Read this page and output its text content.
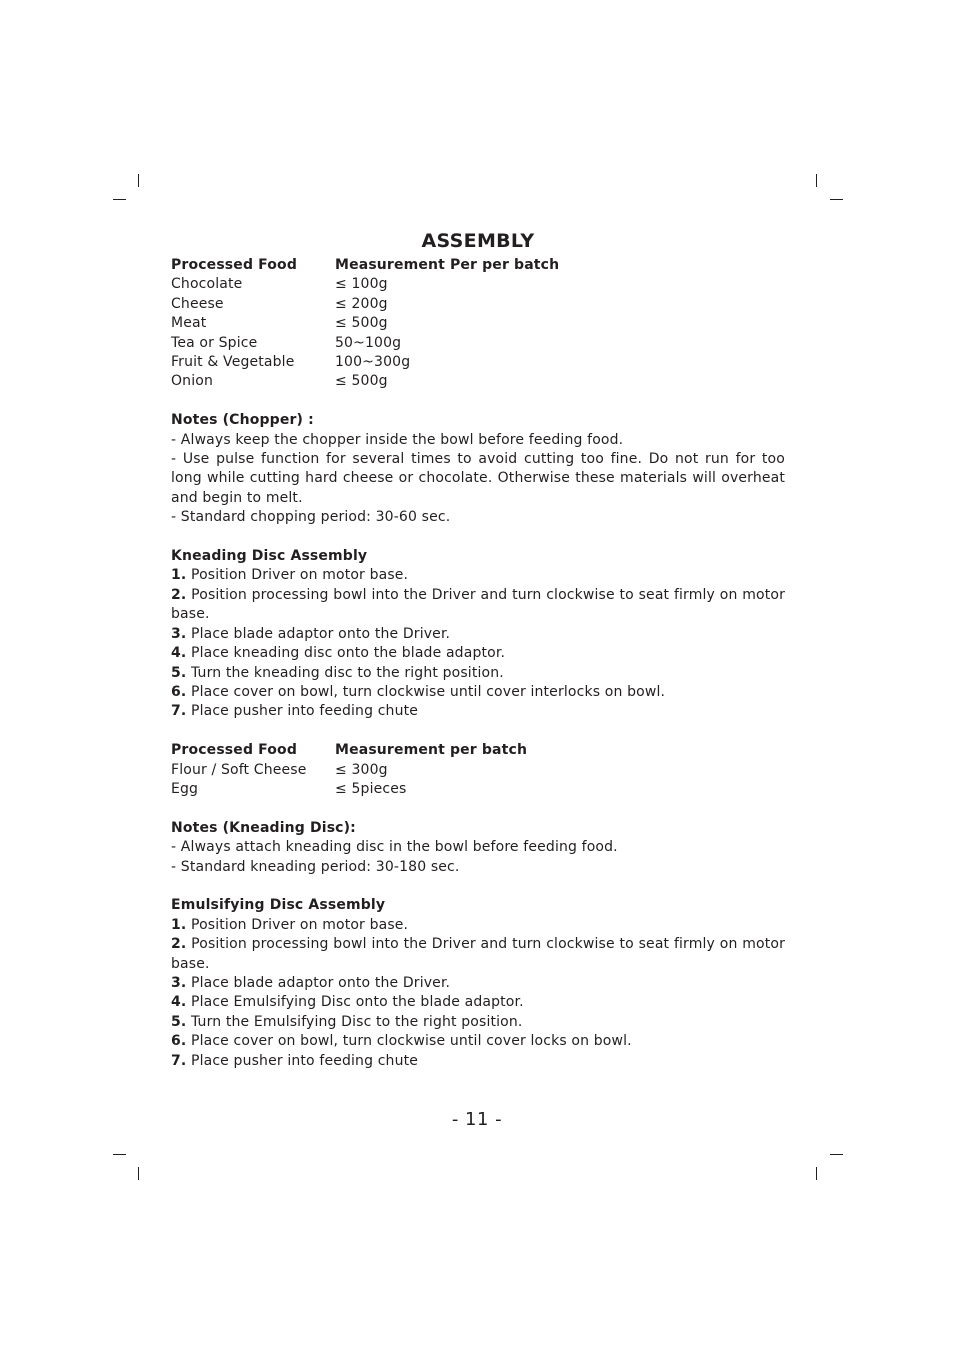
ASSEMBLY
Processed Food	Measurement Per per batch
Chocolate	≤ 100g
Cheese	≤ 200g
Meat	≤ 500g
Tea or Spice	50~100g
Fruit & Vegetable	100~300g
Onion	≤ 500g
Notes (Chopper) :
- Always keep the chopper inside the bowl before feeding food.
- Use pulse function for several times to avoid cutting too fine. Do not run for too long while cutting hard cheese or chocolate. Otherwise these materials will overheat and begin to melt.
- Standard chopping period: 30-60 sec.
Kneading Disc Assembly
1. Position Driver on motor base.
2. Position processing bowl into the Driver and turn clockwise to seat firmly on motor base.
3. Place blade adaptor onto the Driver.
4. Place kneading disc onto the blade adaptor.
5. Turn the kneading disc to the right position.
6. Place cover on bowl, turn clockwise until cover interlocks on bowl.
7. Place pusher into feeding chute
Processed Food	Measurement per batch
Flour / Soft Cheese	≤ 300g
Egg	≤ 5pieces
Notes (Kneading Disc):
- Always attach kneading disc in the bowl before feeding food.
- Standard kneading period: 30-180 sec.
Emulsifying Disc Assembly
1. Position Driver on motor base.
2. Position processing bowl into the Driver and turn clockwise to seat firmly on motor base.
3. Place blade adaptor onto the Driver.
4. Place Emulsifying Disc onto the blade adaptor.
5. Turn the Emulsifying Disc to the right position.
6. Place cover on bowl, turn clockwise until cover locks on bowl.
7. Place pusher into feeding chute
- 11 -
